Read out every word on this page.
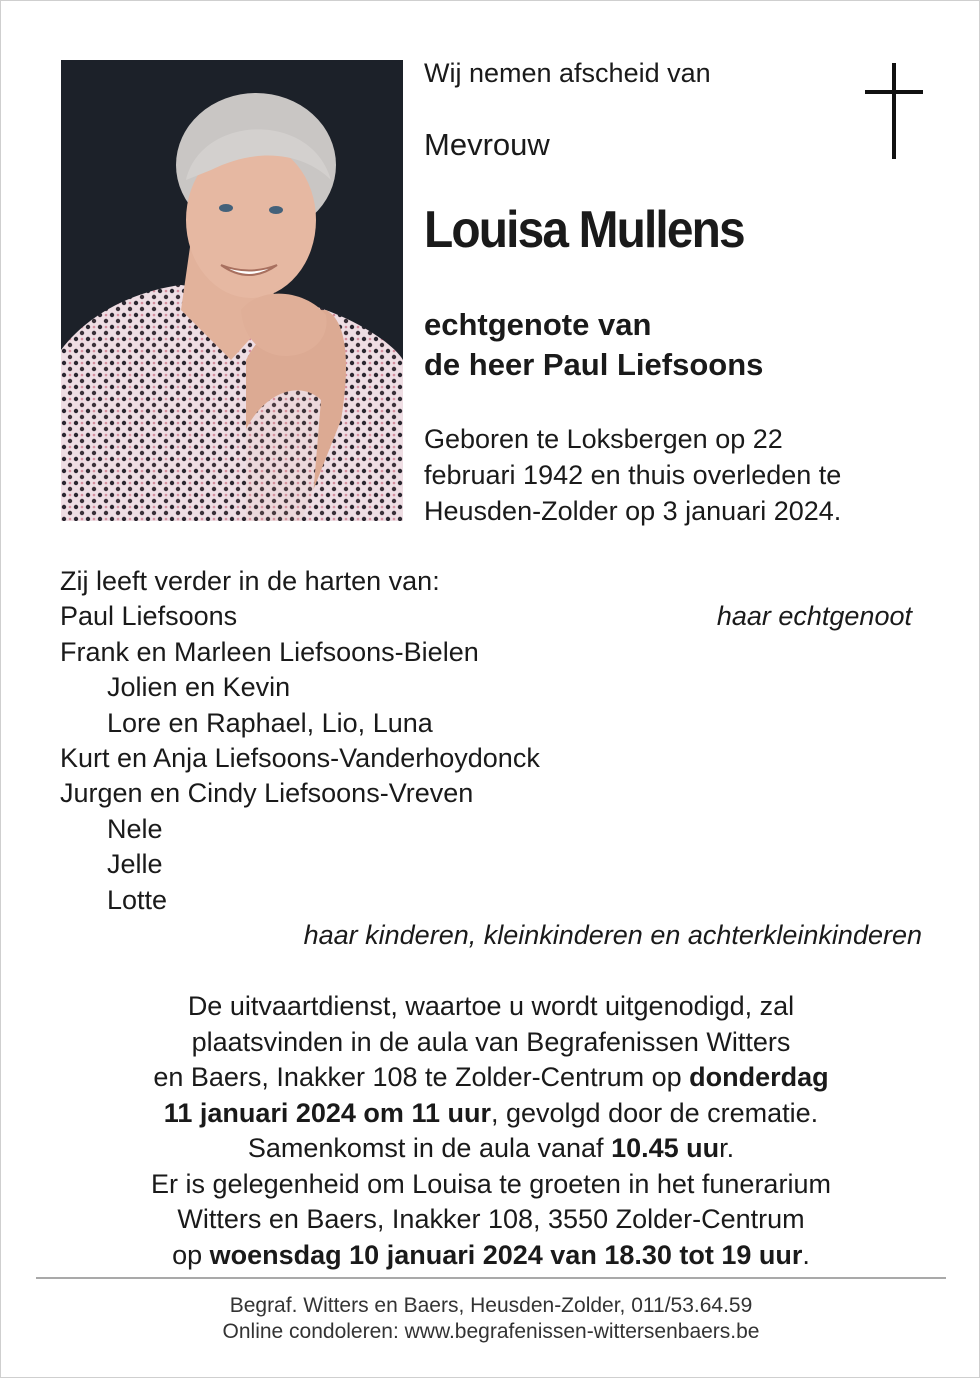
Wij nemen afscheid van
Mevrouw
Louisa Mullens
echtgenote van
de heer Paul Liefsoons
Geboren te Loksbergen op 22
februari 1942 en thuis overleden te
Heusden-Zolder op 3 januari 2024.
Zij leeft verder in de harten van:
Paul Liefsoons	haar echtgenoot
Frank en Marleen Liefsoons-Bielen
Jolien en Kevin
Lore en Raphael, Lio, Luna
Kurt en Anja Liefsoons-Vanderhoydonck
Jurgen en Cindy Liefsoons-Vreven
Nele
Jelle
Lotte
haar kinderen, kleinkinderen en achterkleinkinderen

De uitvaartdienst, waartoe u wordt uitgenodigd, zal

plaatsvinden in de aula van Begrafenissen Witters

en Baers, Inakker 108 te Zolder-Centrum op donderdag

11 januari 2024 om 11 uur, gevolgd door de crematie.

Samenkomst in de aula vanaf 10.45 uur.

Er is gelegenheid om Louisa te groeten in het funerarium

Witters en Baers, Inakker 108, 3550 Zolder-Centrum

op woensdag 10 januari 2024 van 18.30 tot 19 uur.

Begraf. Witters en Baers, Heusden-Zolder, 011/53.64.59

Online condoleren: www.begrafenissen-wittersenbaers.be
